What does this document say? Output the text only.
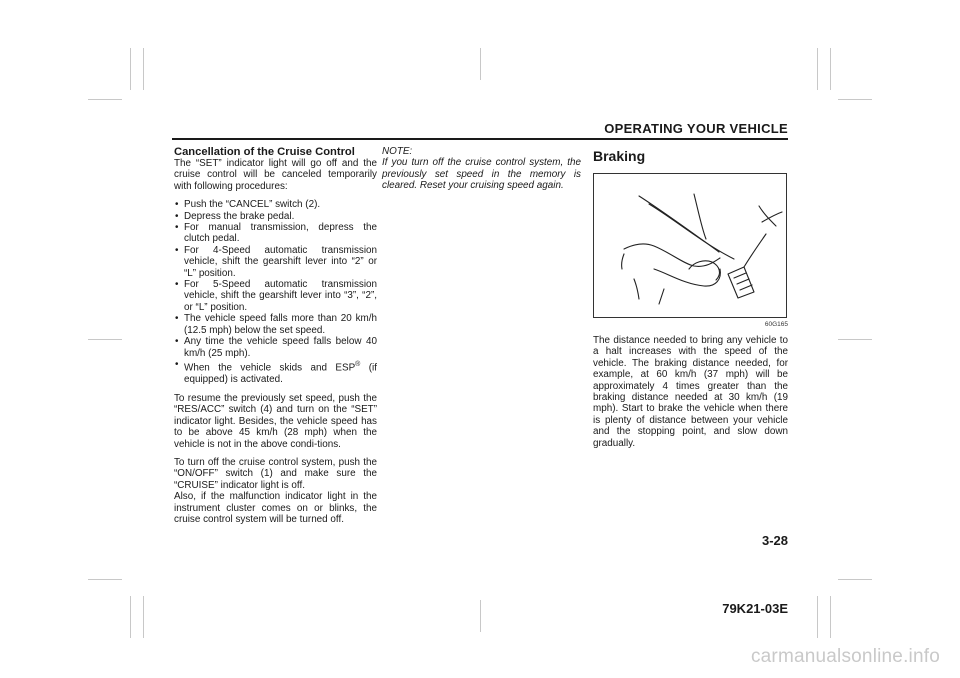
OPERATING YOUR VEHICLE
Cancellation of the Cruise Control

The “SET” indicator light will go off and the cruise control will be canceled temporarily with following procedures:

• Push the “CANCEL” switch (2).
• Depress the brake pedal.
• For manual transmission, depress the clutch pedal.
• For 4-Speed automatic transmission vehicle, shift the gearshift lever into “2” or “L” position.
• For 5-Speed automatic transmission vehicle, shift the gearshift lever into “3”, “2”, or “L” position.
• The vehicle speed falls more than 20 km/h (12.5 mph) below the set speed.
• Any time the vehicle speed falls below 40 km/h (25 mph).
• When the vehicle skids and ESP® (if equipped) is activated.

To resume the previously set speed, push the “RES/ACC” switch (4) and turn on the “SET” indicator light. Besides, the vehicle speed has to be above 45 km/h (28 mph) when the vehicle is not in the above condi-tions.

To turn off the cruise control system, push the “ON/OFF” switch (1) and make sure the “CRUISE” indicator light is off.

Also, if the malfunction indicator light in the instrument cluster comes on or blinks, the cruise control system will be turned off.

NOTE:

If you turn off the cruise control system, the previously set speed in the memory is cleared. Reset your cruising speed again.

Braking
60G165

The distance needed to bring any vehicle to a halt increases with the speed of the vehicle. The braking distance needed, for example, at 60 km/h (37 mph) will be approximately 4 times greater than the braking distance needed at 30 km/h (19 mph). Start to brake the vehicle when there is plenty of distance between your vehicle and the stopping point, and slow down gradually.

3-28
79K21-03E
carmanualsonline.info
